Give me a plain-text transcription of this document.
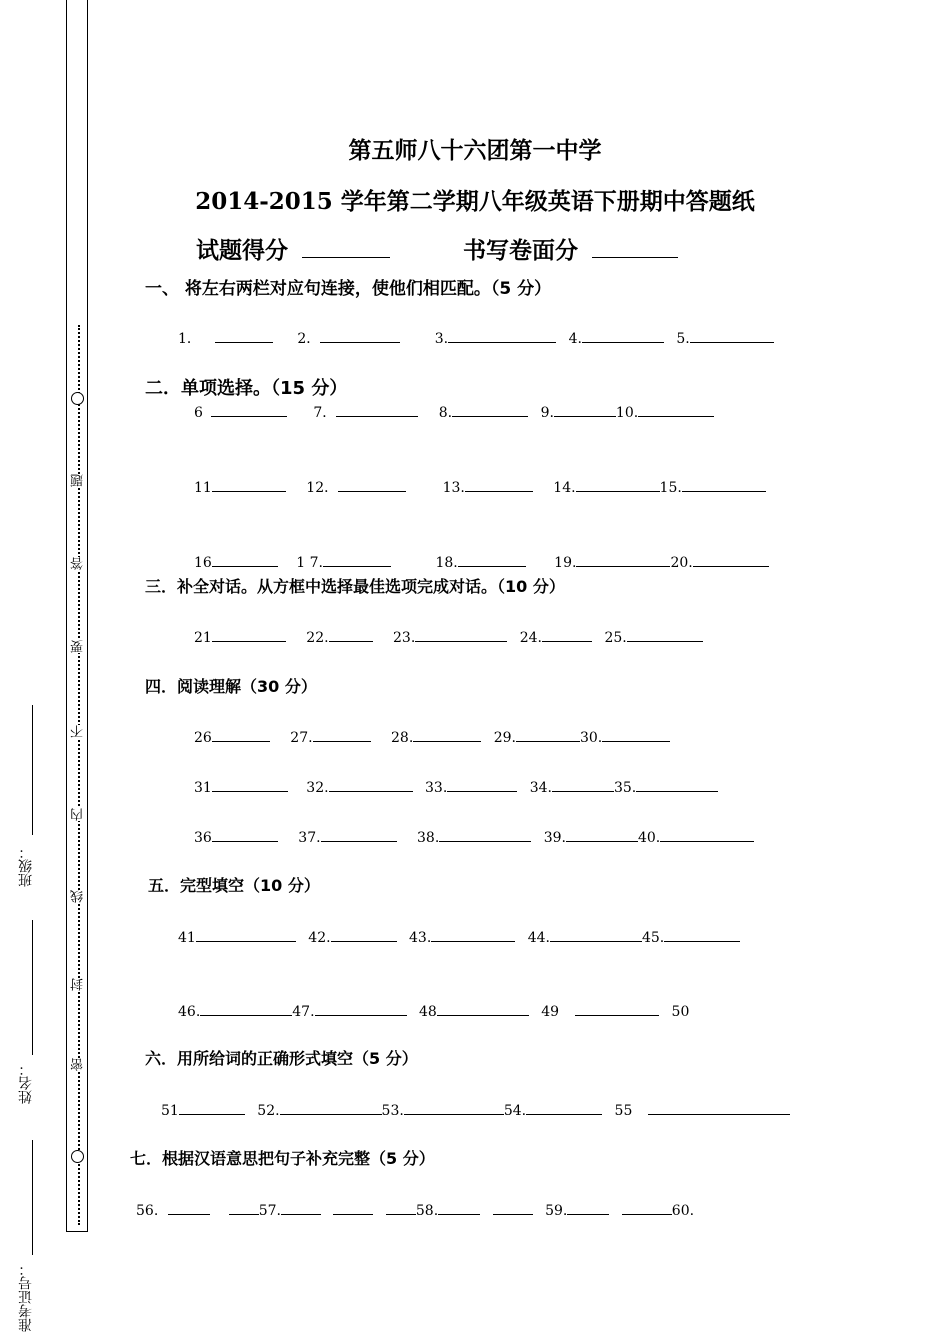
密
封
线
内
不
要
答
题
班级：
姓名：
准考证号：
第五师八十六团第一中学
2014-2015 学年第二学期八年级英语下册期中答题纸
试题得分	书写卷面分
一、 将左右两栏对应句连接，使他们相匹配。（5 分）
1．	2．	3.	4.	5.
二．单项选择。（15 分）
6	7．	8.	9.	10.
11	12．	13.	14.	15.
16	1 7.	18.	19.	20.
三．补全对话。从方框中选择最佳选项完成对话。（10 分）
21	22.	23.	24.	25.
四．阅读理解（30 分）
26	27.	28.	29.	30.
31	32.	33.	34.	35.
36	37.	38.	39.	40.
五．完型填空（10 分）
41	42.	43.	44.	45.
46.	47.	48	49	50
六．用所给词的正确形式填空（5 分）
51	52.	53.	54.	55
七．根据汉语意思把句子补充完整（5 分）
56.	57.	58.	59.	60.
